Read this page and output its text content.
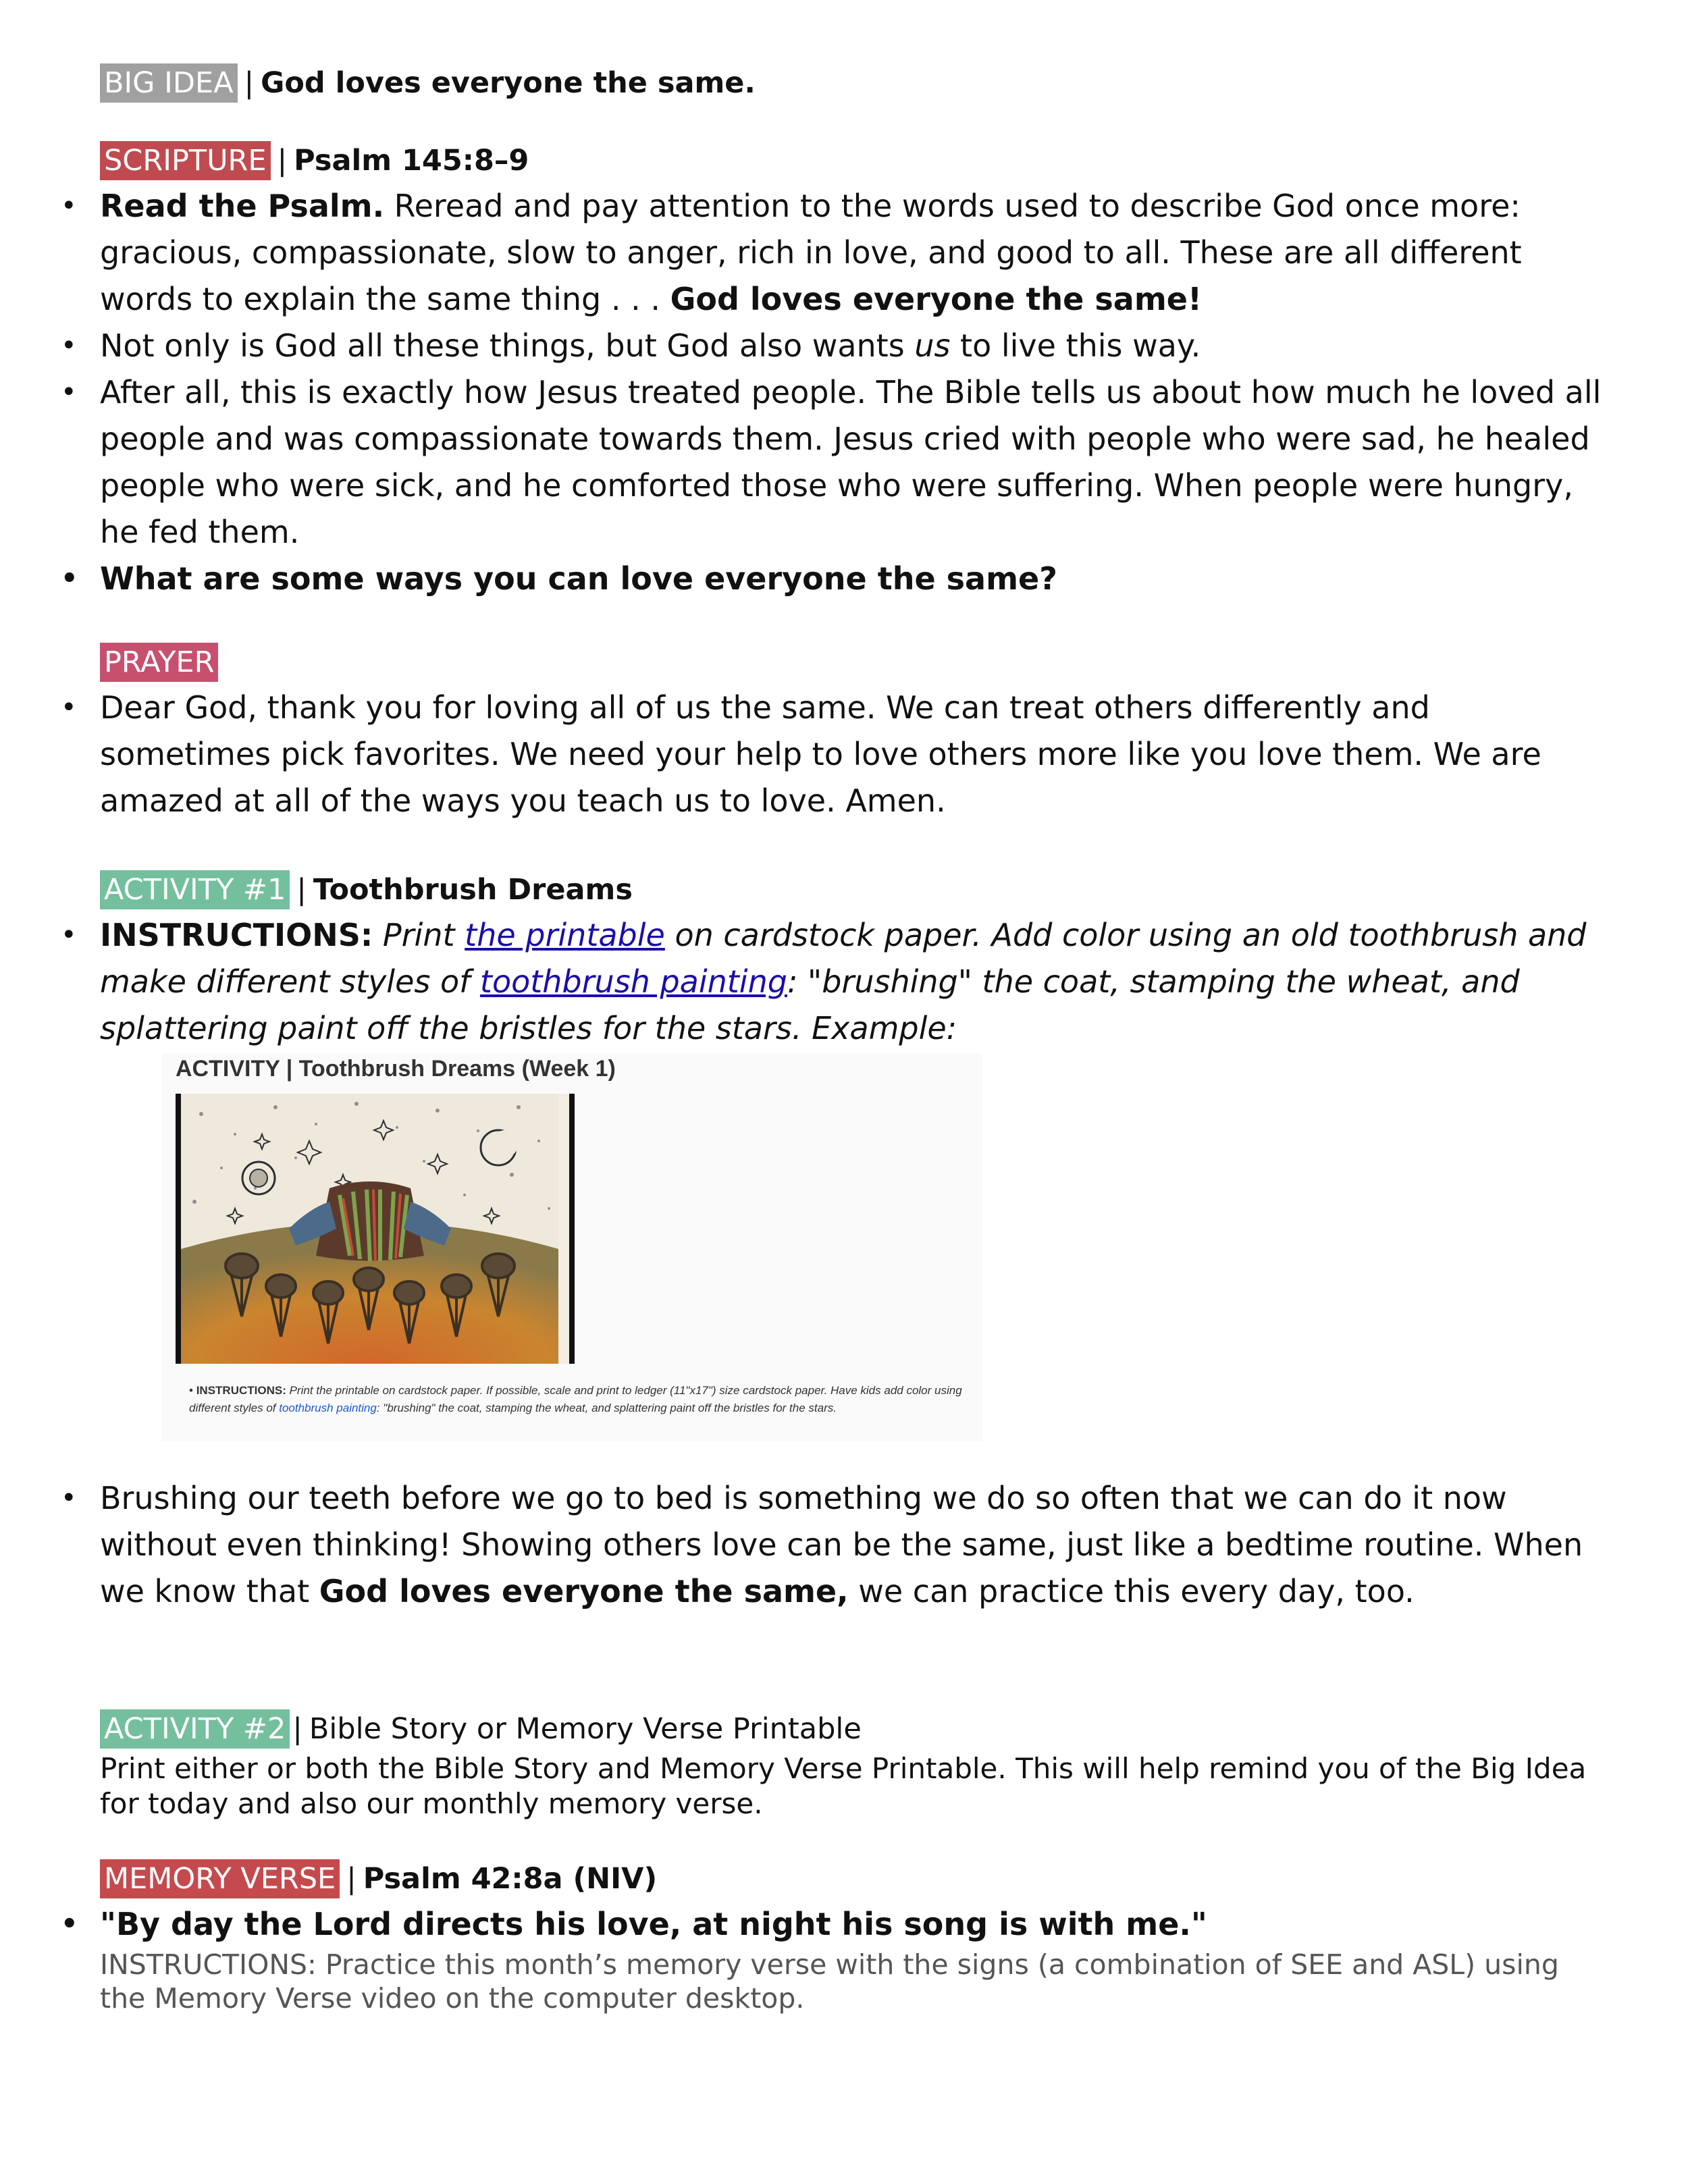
BIG IDEA | God loves everyone the same.
SCRIPTURE | Psalm 145:8–9
• Read the Psalm. Reread and pay attention to the words used to describe God once more: gracious, compassionate, slow to anger, rich in love, and good to all. These are all different words to explain the same thing . . . God loves everyone the same!
• Not only is God all these things, but God also wants us to live this way.
• After all, this is exactly how Jesus treated people. The Bible tells us about how much he loved all people and was compassionate towards them. Jesus cried with people who were sad, he healed people who were sick, and he comforted those who were suffering. When people were hungry, he fed them.
• What are some ways you can love everyone the same?
PRAYER
• Dear God, thank you for loving all of us the same. We can treat others differently and sometimes pick favorites. We need your help to love others more like you love them. We are amazed at all of the ways you teach us to love. Amen.
ACTIVITY #1 | Toothbrush Dreams
• INSTRUCTIONS: Print the printable on cardstock paper. Add color using an old toothbrush and make different styles of toothbrush painting: "brushing" the coat, stamping the wheat, and splattering paint off the bristles for the stars. Example:
ACTIVITY | Toothbrush Dreams (Week 1)
• INSTRUCTIONS: Print the printable on cardstock paper. If possible, scale and print to ledger (11"x17") size cardstock paper. Have kids add color using different styles of toothbrush painting: "brushing" the coat, stamping the wheat, and splattering paint off the bristles for the stars.
• Brushing our teeth before we go to bed is something we do so often that we can do it now without even thinking! Showing others love can be the same, just like a bedtime routine. When we know that God loves everyone the same, we can practice this every day, too.
ACTIVITY #2 | Bible Story or Memory Verse Printable
Print either or both the Bible Story and Memory Verse Printable. This will help remind you of the Big Idea for today and also our monthly memory verse.
MEMORY VERSE | Psalm 42:8a (NIV)
• "By day the Lord directs his love, at night his song is with me."
INSTRUCTIONS: Practice this month’s memory verse with the signs (a combination of SEE and ASL) using the Memory Verse video on the computer desktop.
